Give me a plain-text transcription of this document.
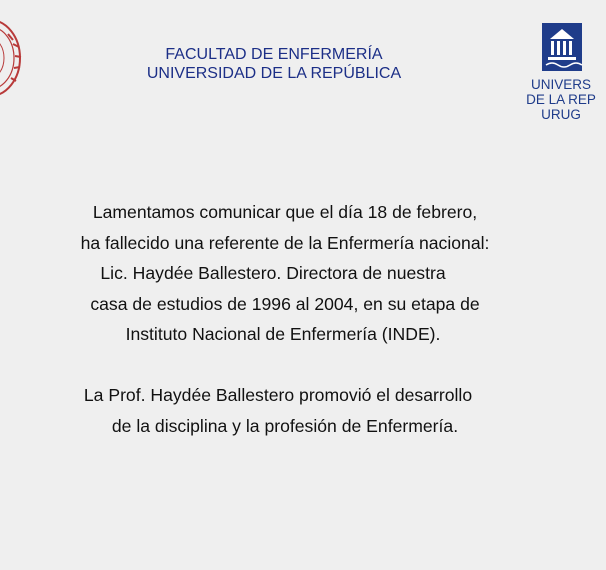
FACULTAD DE ENFERMERÍA
UNIVERSIDAD DE LA REPÚBLICA
UNIVERS
DE LA REP
URUG
Lamentamos comunicar que el día 18 de febrero,
ha fallecido una referente de la Enfermería nacional:
Lic. Haydée Ballestero. Directora de nuestra
casa de estudios de 1996 al 2004, en su etapa de
Instituto Nacional de Enfermería (INDE).
La Prof. Haydée Ballestero promovió el desarrollo
de la disciplina y la profesión de Enfermería.
